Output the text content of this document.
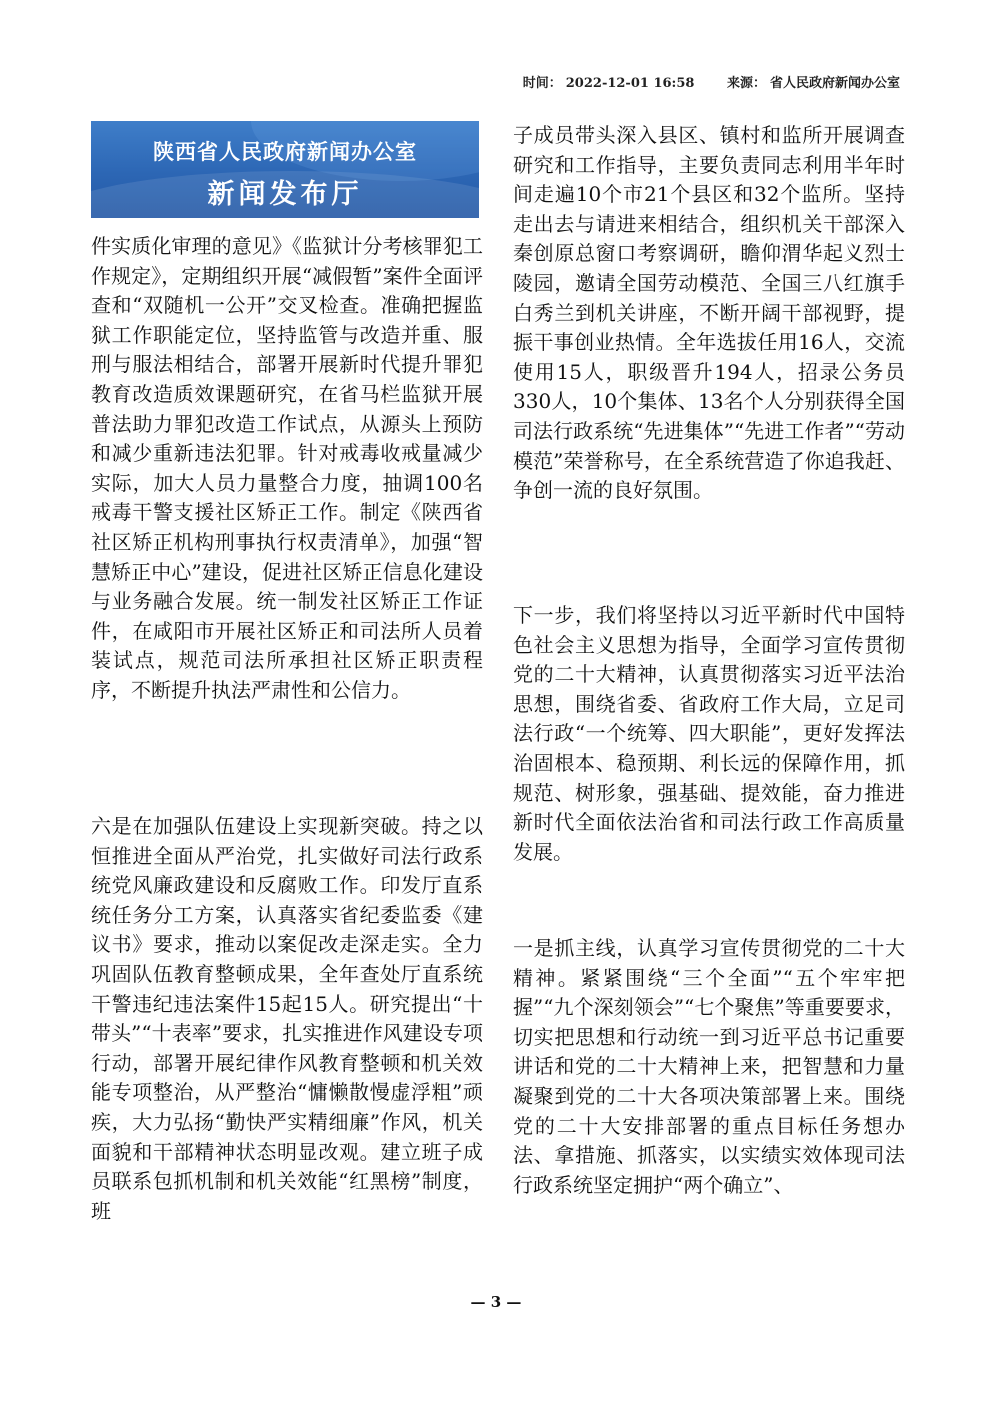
时间： 2022-12-01 16:58	来源： 省人民政府新闻办公室
陕西省人民政府新闻办公室
新闻发布厅

件实质化审理的意见》《监狱计分考核罪犯工作规定》，定期组织开展“减假暂”案件全面评查和“双随机一公开”交叉检查。准确把握监狱工作职能定位，坚持监管与改造并重、服刑与服法相结合，部署开展新时代提升罪犯教育改造质效课题研究，在省马栏监狱开展普法助力罪犯改造工作试点，从源头上预防和减少重新违法犯罪。针对戒毒收戒量减少实际，加大人员力量整合力度，抽调100名戒毒干警支援社区矫正工作。制定《陕西省社区矫正机构刑事执行权责清单》，加强“智慧矫正中心”建设，促进社区矫正信息化建设与业务融合发展。统一制发社区矫正工作证件，在咸阳市开展社区矫正和司法所人员着装试点，规范司法所承担社区矫正职责程序，不断提升执法严肃性和公信力。

六是在加强队伍建设上实现新突破。持之以恒推进全面从严治党，扎实做好司法行政系统党风廉政建设和反腐败工作。印发厅直系统任务分工方案，认真落实省纪委监委《建议书》要求，推动以案促改走深走实。全力巩固队伍教育整顿成果，全年查处厅直系统干警违纪违法案件15起15人。研究提出“十带头”“十表率”要求，扎实推进作风建设专项行动，部署开展纪律作风教育整顿和机关效能专项整治，从严整治“慵懒散慢虚浮粗”顽疾，大力弘扬“勤快严实精细廉”作风，机关面貌和干部精神状态明显改观。建立班子成员联系包抓机制和机关效能“红黑榜”制度，班

子成员带头深入县区、镇村和监所开展调查研究和工作指导，主要负责同志利用半年时间走遍10个市21个县区和32个监所。坚持走出去与请进来相结合，组织机关干部深入秦创原总窗口考察调研，瞻仰渭华起义烈士陵园，邀请全国劳动模范、全国三八红旗手白秀兰到机关讲座，不断开阔干部视野，提振干事创业热情。全年选拔任用16人，交流使用15人，职级晋升194人，招录公务员330人，10个集体、13名个人分别获得全国司法行政系统“先进集体”“先进工作者”“劳动模范”荣誉称号，在全系统营造了你追我赶、争创一流的良好氛围。

下一步，我们将坚持以习近平新时代中国特色社会主义思想为指导，全面学习宣传贯彻党的二十大精神，认真贯彻落实习近平法治思想，围绕省委、省政府工作大局，立足司法行政“一个统筹、四大职能”，更好发挥法治固根本、稳预期、利长远的保障作用，抓规范、树形象，强基础、提效能，奋力推进新时代全面依法治省和司法行政工作高质量发展。

一是抓主线，认真学习宣传贯彻党的二十大精神。紧紧围绕“三个全面”“五个牢牢把握”“九个深刻领会”“七个聚焦”等重要要求，切实把思想和行动统一到习近平总书记重要讲话和党的二十大精神上来，把智慧和力量凝聚到党的二十大各项决策部署上来。围绕党的二十大安排部署的重点目标任务想办法、拿措施、抓落实，以实绩实效体现司法行政系统坚定拥护“两个确立”、

— 3 —
